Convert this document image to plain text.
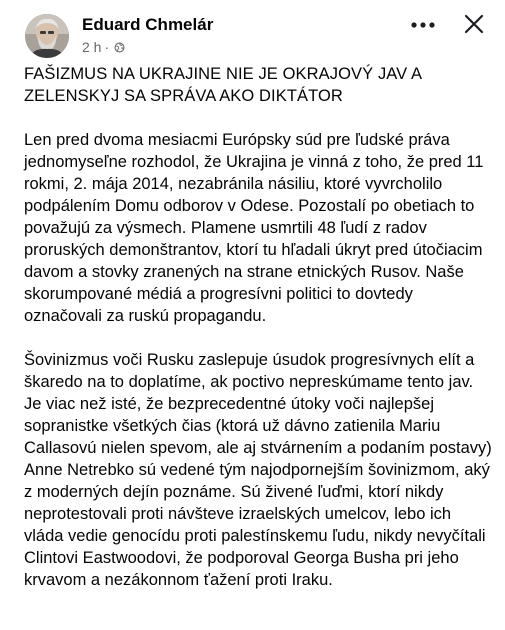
Eduard Chmelár
2 h ·

FAŠIZMUS NA UKRAJINE NIE JE OKRAJOVÝ JAV A ZELENSKYJ SA SPRÁVA AKO DIKTÁTOR

Len pred dvoma mesiacmi Európsky súd pre ľudské práva jednomyseľne rozhodol, že Ukrajina je vinná z toho, že pred 11 rokmi, 2. mája 2014, nezabránila násiliu, ktoré vyvrcholilo podpálením Domu odborov v Odese. Pozostalí po obetiach to považujú za výsmech. Plamene usmrtili 48 ľudí z radov proruských demonštrantov, ktorí tu hľadali úkryt pred útočiacim davom a stovky zranených na strane etnických Rusov. Naše skorumpované médiá a progresívni politici to dovtedy označovali za ruskú propagandu.

Šovinizmus voči Rusku zaslepuje úsudok progresívnych elít a škaredo na to doplatíme, ak poctivo nepreskúmame tento jav. Je viac než isté, že bezprecedentné útoky voči najlepšej sopranistke všetkých čias (ktorá už dávno zatienila Mariu Callasovú nielen spevom, ale aj stvárnením a podaním postavy) Anne Netrebko sú vedené tým najodpornejším šovinizmom, aký z moderných dejín poznáme. Sú živené ľuďmi, ktorí nikdy neprotestovali proti návšteve izraelských umelcov, lebo ich vláda vedie genocídu proti palestínskemu ľudu, nikdy nevyčítali Clintovi Eastwoodovi, že podporoval Georga Busha pri jeho krvavom a nezákonnom ťažení proti Iraku.
